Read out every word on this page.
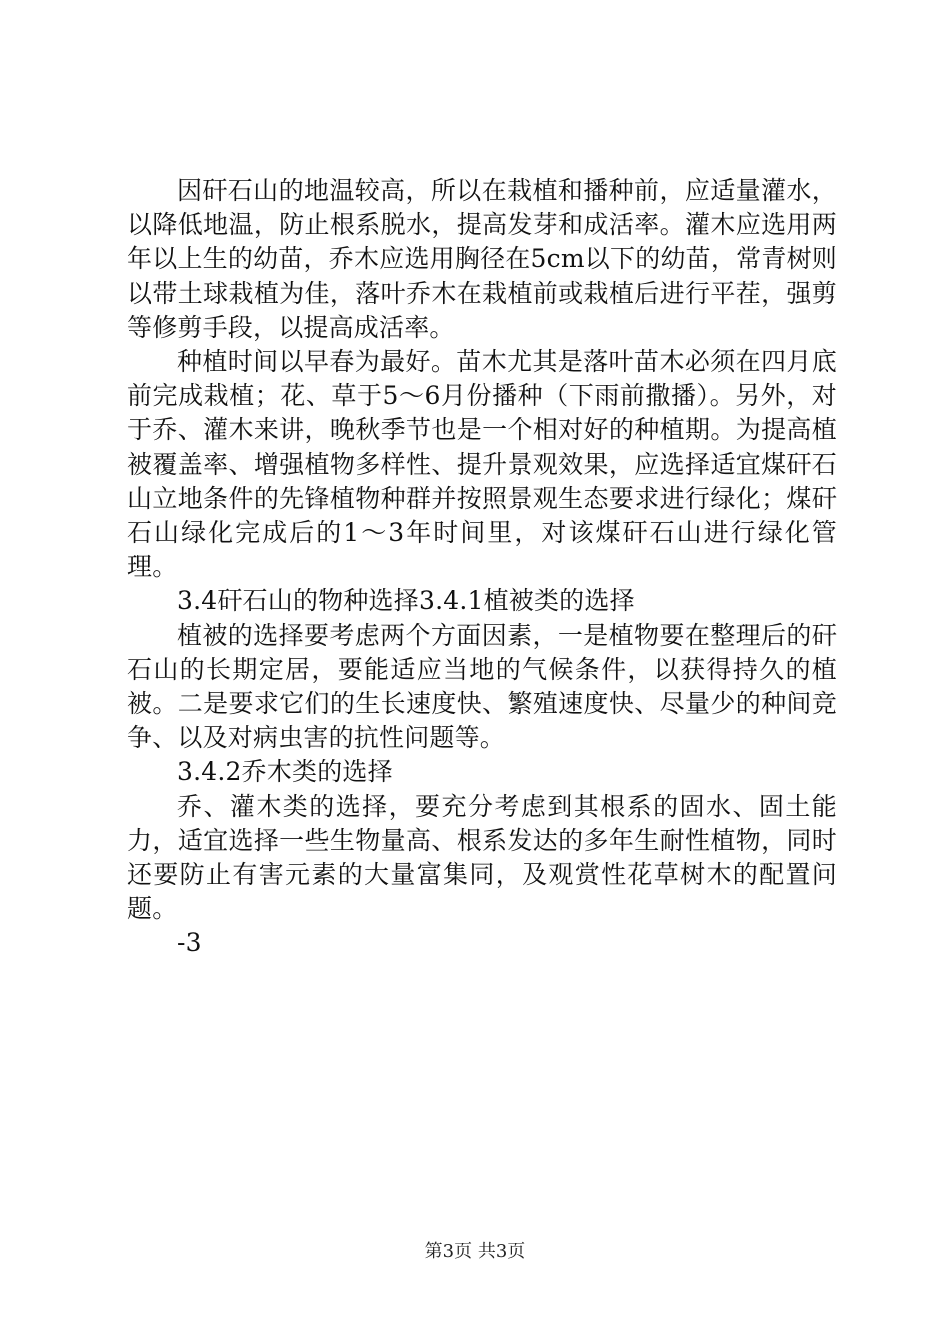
因矸石山的地温较高，所以在栽植和播种前，应适量灌水，以降低地温，防止根系脱水，提高发芽和成活率。灌木应选用两年以上生的幼苗，乔木应选用胸径在5cm以下的幼苗，常青树则以带土球栽植为佳，落叶乔木在栽植前或栽植后进行平茬，强剪等修剪手段，以提高成活率。

种植时间以早春为最好。苗木尤其是落叶苗木必须在四月底前完成栽植；花、草于5～6月份播种（下雨前撒播）。另外，对于乔、灌木来讲，晚秋季节也是一个相对好的种植期。为提高植被覆盖率、增强植物多样性、提升景观效果，应选择适宜煤矸石山立地条件的先锋植物种群并按照景观生态要求进行绿化；煤矸石山绿化完成后的1～3年时间里，对该煤矸石山进行绿化管理。

3.4矸石山的物种选择3.4.1植被类的选择

植被的选择要考虑两个方面因素，一是植物要在整理后的矸石山的长期定居，要能适应当地的气候条件，以获得持久的植被。二是要求它们的生长速度快、繁殖速度快、尽量少的种间竞争、以及对病虫害的抗性问题等。

3.4.2乔木类的选择

乔、灌木类的选择，要充分考虑到其根系的固水、固土能力，适宜选择一些生物量高、根系发达的多年生耐性植物，同时还要防止有害元素的大量富集同，及观赏性花草树木的配置问题。

-3

第3页 共3页
